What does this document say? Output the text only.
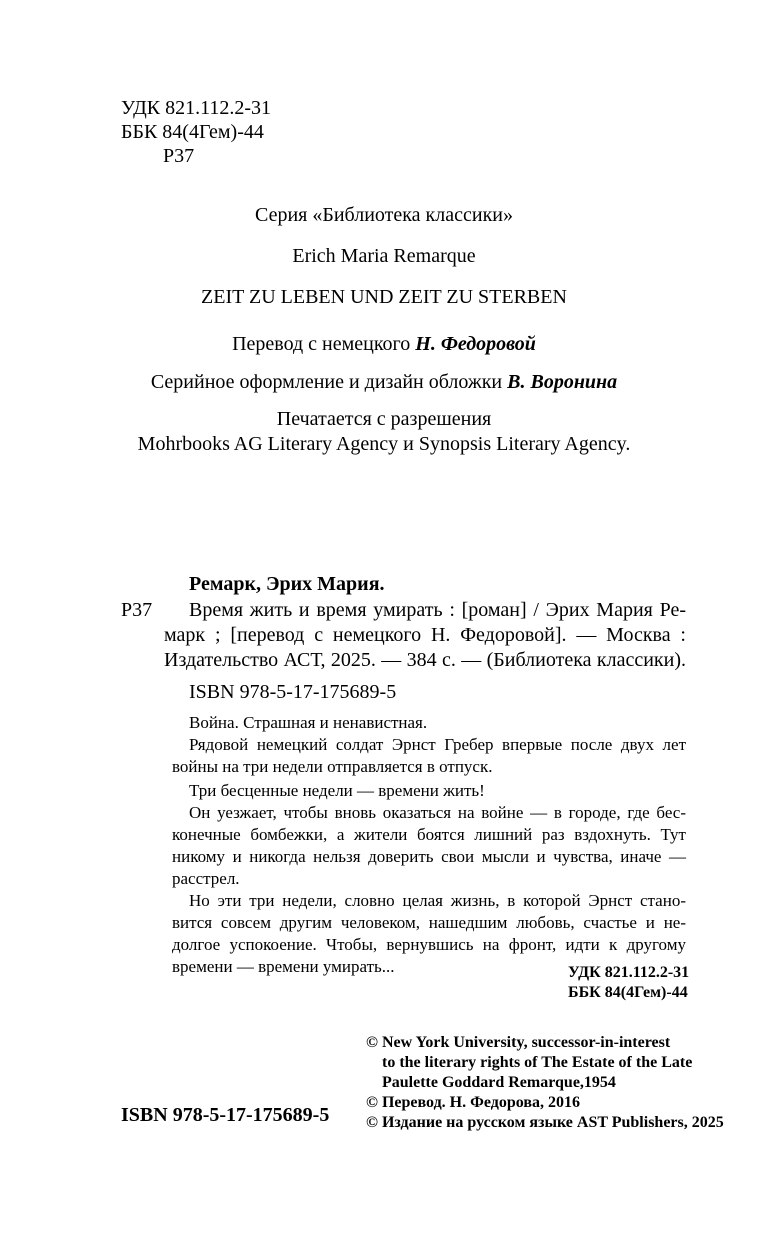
УДК 821.112.2-31
ББК 84(4Гем)-44
Р37
Серия «Библиотека классики»
Erich Maria Remarque
ZEIT ZU LEBEN UND ZEIT ZU STERBEN
Перевод с немецкого Н. Федоровой
Серийное оформление и дизайн обложки В. Воронина
Печатается с разрешения
Mohrbooks AG Literary Agency и Synopsis Literary Agency.
Ремарк, Эрих Мария.
Р37 Время жить и время умирать : [роман] / Эрих Мария Ре-
марк ; [перевод с немецкого Н. Федоровой]. — Москва :
Издательство АСТ, 2025. — 384 с. — (Библиотека классики).
ISBN 978-5-17-175689-5
Война. Страшная и ненавистная.
Рядовой немецкий солдат Эрнст Гребер впервые после двух лет
войны на три недели отправляется в отпуск.
Три бесценные недели — времени жить!
Он уезжает, чтобы вновь оказаться на войне — в городе, где бес-
конечные бомбежки, а жители боятся лишний раз вздохнуть. Тут
никому и никогда нельзя доверить свои мысли и чувства, иначе —
расстрел.
Но эти три недели, словно целая жизнь, в которой Эрнст стано-
вится совсем другим человеком, нашедшим любовь, счастье и не-
долгое успокоение. Чтобы, вернувшись на фронт, идти к другому
времени — времени умирать...	УДК 821.112.2-31
ББК 84(4Гем)-44
© New York University, successor-in-interest
to the literary rights of The Estate of the Late
Paulette Goddard Remarque,1954
© Перевод. Н. Федорова, 2016
© Издание на русском языке AST Publishers, 2025
ISBN 978-5-17-175689-5
